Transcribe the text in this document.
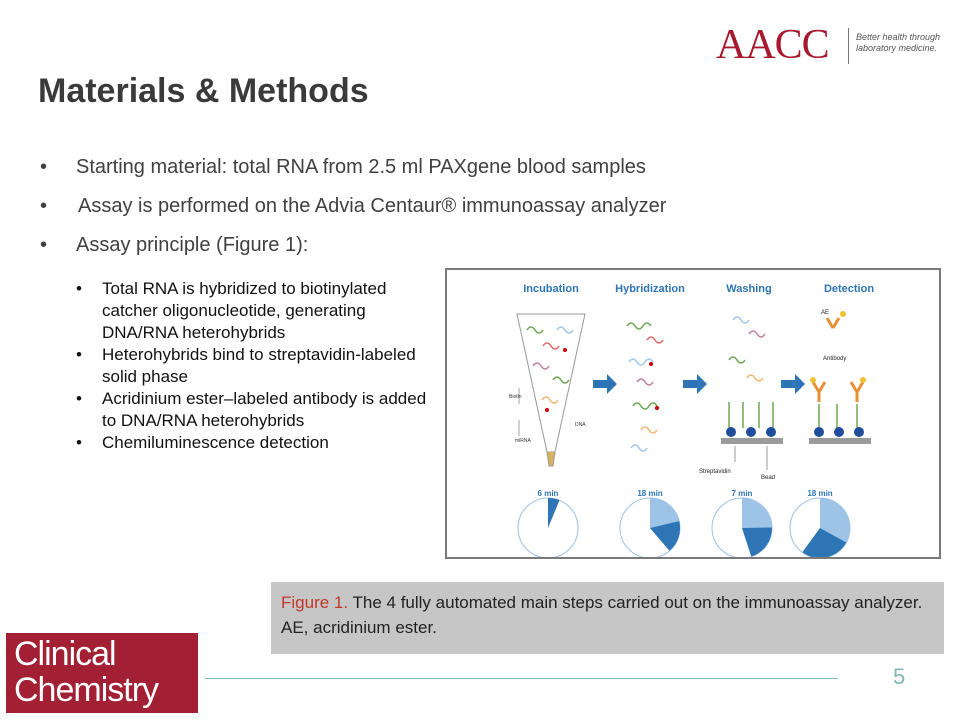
AACC	Better health through
laboratory medicine.
Materials & Methods
• Starting material: total RNA from 2.5 ml PAXgene blood samples
• Assay is performed on the Advia Centaur® immunoassay analyzer
• Assay principle (Figure 1):
• Total RNA is hybridized to biotinylated catcher oligonucleotide, generating DNA/RNA heterohybrids
• Heterohybrids bind to streptavidin-labeled solid phase
• Acridinium ester–labeled antibody is added to DNA/RNA heterohybrids
• Chemiluminescence detection
Incubation	Hybridization	Washing	Detection
Biotin
DNA
miRNA
Streptavidin
Bead
AE
Antibody
6 min	18 min	7 min	18 min
Figure 1. The 4 fully automated main steps carried out on the immunoassay analyzer. AE, acridinium ester.
Clinical
Chemistry	5
